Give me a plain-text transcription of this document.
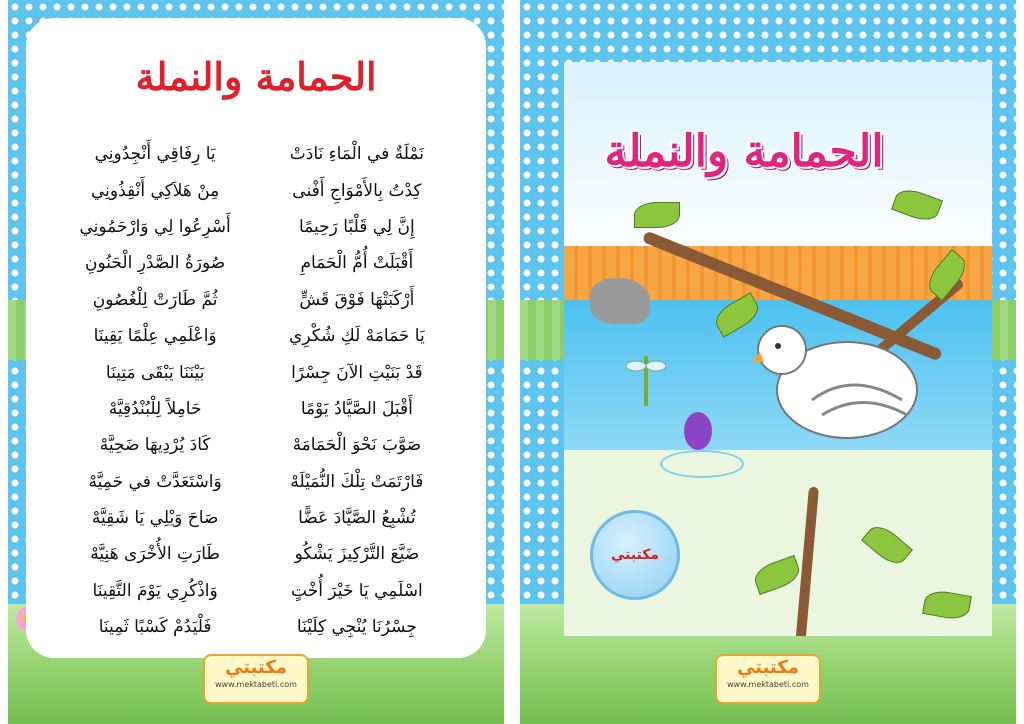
الحمامة والنملة
نَمْلَةٌ في الْمَاءِ نَادَتْ
يَا رِفَاقِي أَنْجِدُونِي
كِدْتُ بِالأَمْوَاجِ أَفْنى
مِنْ هَلاَكِي أَنْقِذُونِي
إِنَّ لِي قَلْبًا رَحِيمًا
أَسْرِعُوا لِي وَارْحَمُونِي
أَقْبَلَتْ أُمُّ الْحَمَامِ
صُورَةُ الصَّدْرِ الْحَنُونِ
أَرْكَبَتْهَا فَوْقَ قَشٍّ
ثُمَّ طَارَتْ لِلْغُصُونِ
يَا حَمَامَهْ لَكِ شُكْرِي
وَاعْلَمِي عِلْمًا يَقِينَا
قَدْ بَنَيْتِ الآنَ جِسْرًا
بَيْنَنَا يَبْقَى مَتِينَا
أَقْبَلَ الصَّيَّادُ يَوْمًا
حَامِلاً لِلْبُنْدُقِيَّهْ
صَوَّبَ نَحْوَ الْحَمَامَهْ
كَادَ يُرْدِيهَا ضَحِيَّهْ
فَارْتَمَتْ تِلْكَ النُّمَيْلَهْ
وَاسْتَعَدَّتْ في حَمِيَّهْ
تُشْبِعُ الصَّيَّادَ عَضًّا
صَاحَ وَيْلِي يَا شَقِيَّهْ
ضَيَّعَ التَّرْكِيزَ يَشْكُو
طَارَتِ الأُخْرَى هَنِيَّهْ
اسْلَمِي يَا خَيْرَ أُخْتٍ
وَاذْكُرِي يَوْمَ التَّقِينَا
جِسْرُنَا يُنْجِي كِلَيْنَا
فَلْيَدُمْ كَسْبًا ثَمِينَا
مكتبتي
www.mektabeti.com
الحمامة والنملة
مكتبتي
مكتبتي
www.mektabeti.com
